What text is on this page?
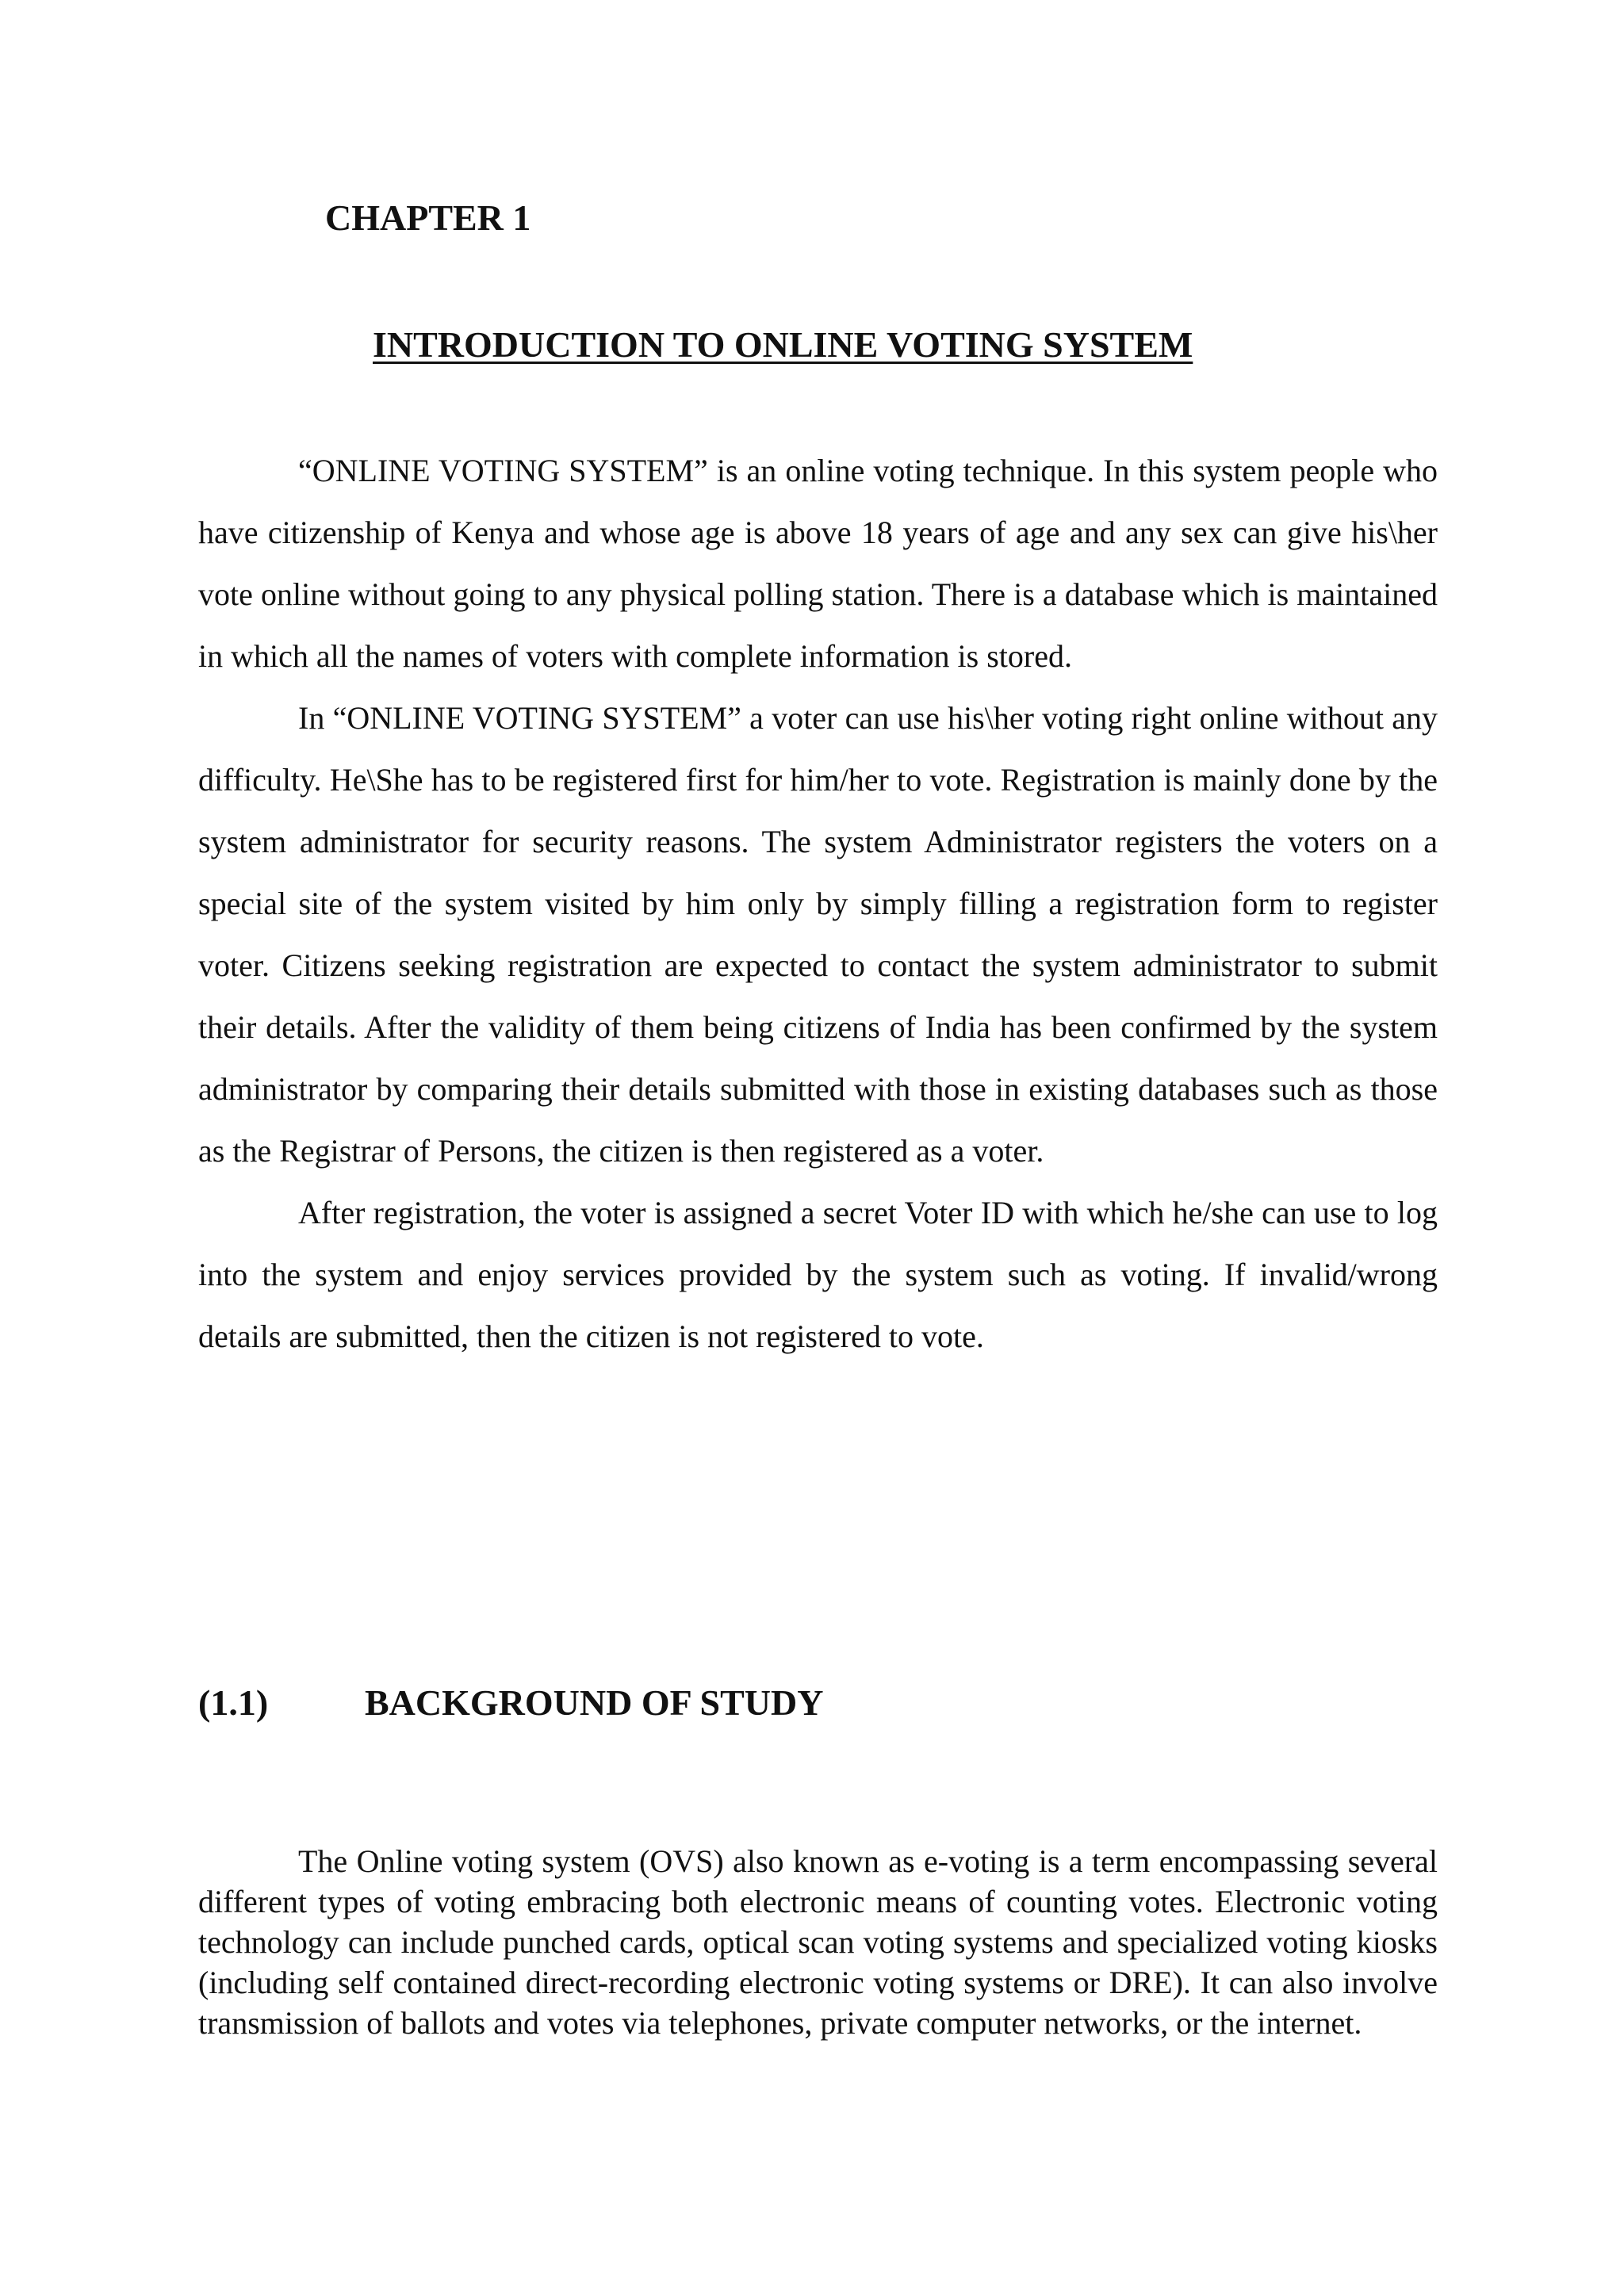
CHAPTER 1
INTRODUCTION TO ONLINE VOTING SYSTEM

“ONLINE VOTING SYSTEM” is an online voting technique. In this system people who have citizenship of Kenya and whose age is above 18 years of age and any sex can give his\her vote online without going to any physical polling station. There is a database which is maintained in which all the names of voters with complete information is stored.

In “ONLINE VOTING SYSTEM” a voter can use his\her voting right online without any difficulty. He\She has to be registered first for him/her to vote. Registration is mainly done by the system administrator for security reasons. The system Administrator registers the voters on a special site of the system visited by him only by simply filling a registration form to register voter. Citizens seeking registration are expected to contact the system administrator to submit their details. After the validity of them being citizens of India has been confirmed by the system administrator by comparing their details submitted with those in existing databases such as those as the Registrar of Persons, the citizen is then registered as a voter.

After registration, the voter is assigned a secret Voter ID with which he/she can use to log into the system and enjoy services provided by the system such as voting. If invalid/wrong details are submitted, then the citizen is not registered to vote.

(1.1)	BACKGROUND OF STUDY

The Online voting system (OVS) also known as e-voting is a term encompassing several different types of voting embracing both electronic means of counting votes. Electronic voting technology can include punched cards, optical scan voting systems and specialized voting kiosks (including self contained direct-recording electronic voting systems or DRE). It can also involve transmission of ballots and votes via telephones, private computer networks, or the internet.
